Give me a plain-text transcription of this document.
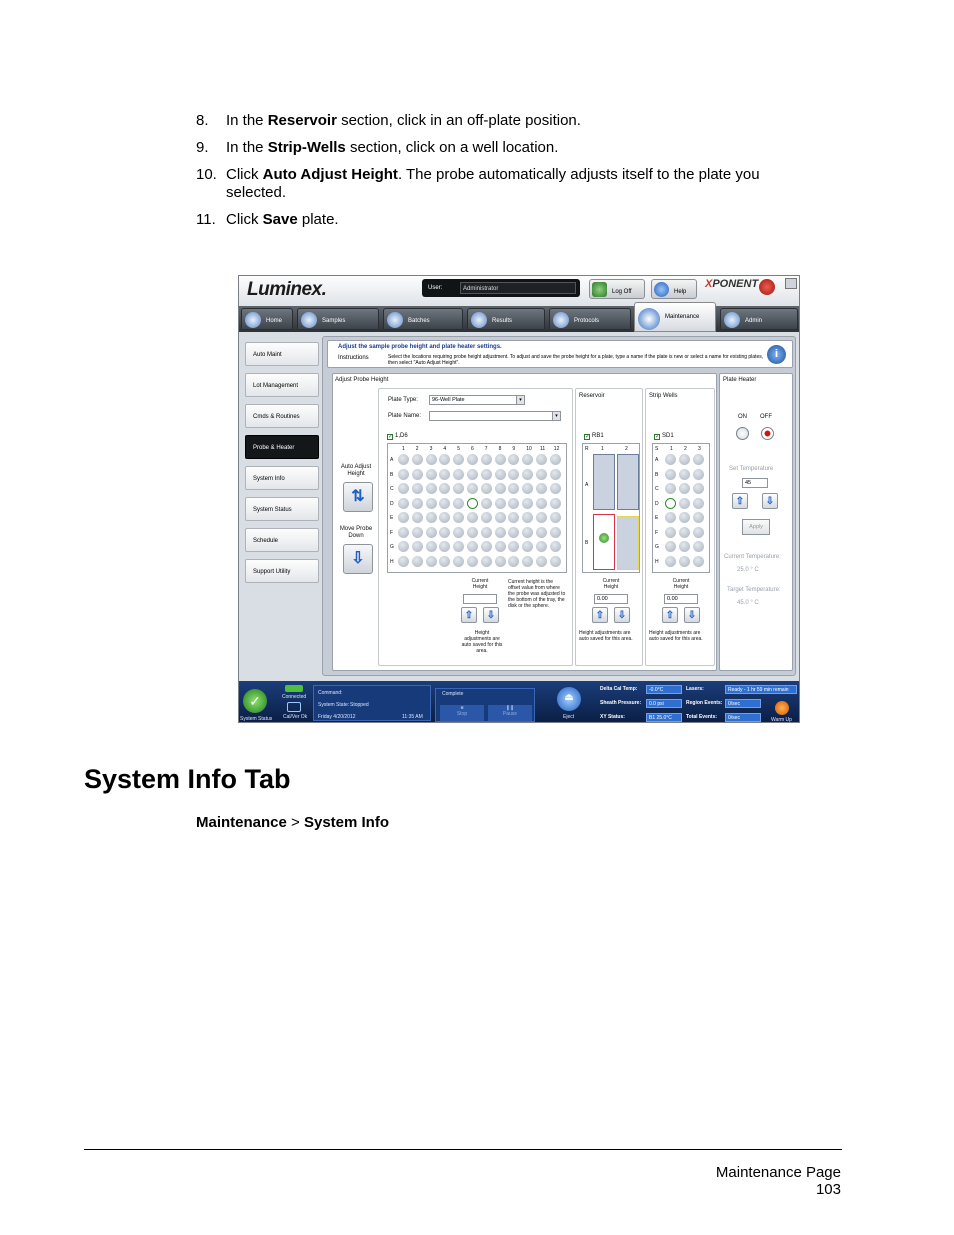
8.	In the Reservoir section, click in an off-plate position.
9.	In the Strip-Wells section, click on a well location.
10. Click Auto Adjust Height. The probe automatically adjusts itself to the plate you selected.
11. Click Save plate.
Luminex.	User:	Administrator	Log Off	Help
XPONENT
Home	Samples	Batches	Results	Protocols
Maintenance
Admin
Auto Maint
Lot Management
Cmds & Routines
Probe & Heater
System Info
System Status
Schedule
Support Utility
Adjust the sample probe height and plate heater settings.
Instructions	Select the locations requiring probe height adjustment. To adjust and save the probe height for a plate, type a name if the plate is new or select a name for existing plates, then select "Auto Adjust Height".
i
Adjust Probe Height
Auto Adjust Height
⇅
Move Probe Down
⇩
Plate Type:	96-Well Plate	▾
Plate Name:	▾
✓ 1,D6
1 2 3 4 5 6 7 8 9 10 11 12
A
B
C
D
E
F
G
H
Current Height
⇧	⇩
Current height is the offset value from where the probe was adjusted to the bottom of the tray, the disk or the sphere.
Height adjustments are auto saved for this area.
Reservoir
✓ RB1
R 1	2
A
B
Current Height
0.00
⇧	⇩
Height adjustments are auto saved for this area.
Strip Wells
✓ SD1
S 1 2 3
A
B
C
D
E
F
G
H
Current Height
0.00
⇧	⇩
Height adjustments are auto saved for this area.
Plate Heater
ON OFF
Set Temperature
45
⇧	⇩
Apply
Current Temperature:
25.0 ° C
Target Temperature:
45.0 ° C
✓
System Status
Connected
Cal/Ver Ok
Command:
System State: Stopped
Friday 4/20/2012	11:35 AM
Complete
■
Stop
❚❚
Pause
⏏
Eject
Delta Cal Temp:	-0.0°C
Sheath Pressure:	0.0 psi
XY Status:	B1 25.0°C
Lasers:	Ready - 1 hr 59 min remain
Region Events:	0/sec
Total Events:	0/sec	Warm Up
System Info Tab
Maintenance > System Info
Maintenance Page
103
